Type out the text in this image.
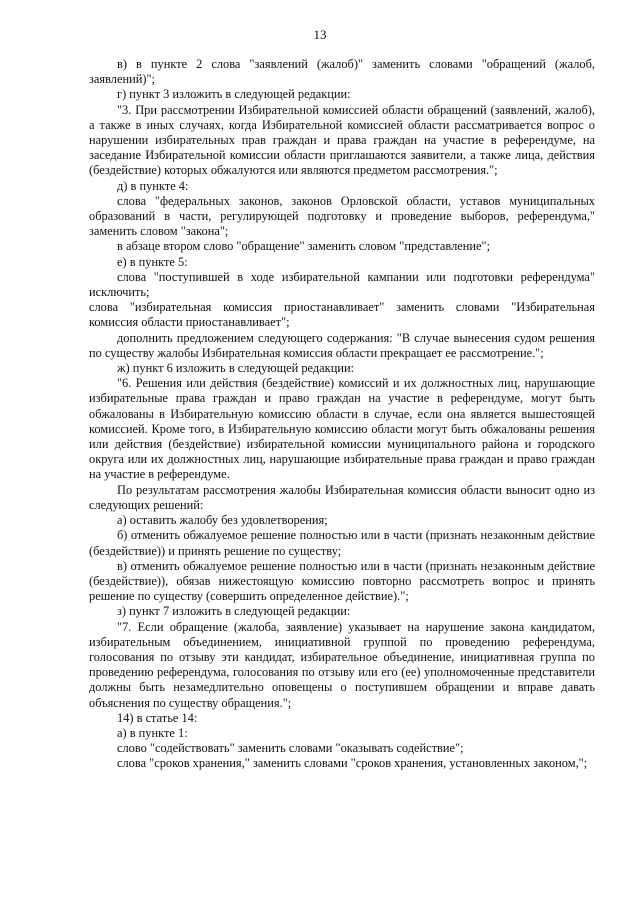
13

в) в пункте 2 слова "заявлений (жалоб)" заменить словами "обращений (жалоб, заявлений)";

г) пункт 3 изложить в следующей редакции:

"3. При рассмотрении Избирательной комиссией области обращений (заявлений, жалоб), а также в иных случаях, когда Избирательной комиссией области рассматривается вопрос о нарушении избирательных прав граждан и права граждан на участие в референдуме, на заседание Избирательной комиссии области приглашаются заявители, а также лица, действия (бездействие) которых обжалуются или являются предметом рассмотрения.";

д) в пункте 4:

слова "федеральных законов, законов Орловской области, уставов муниципальных образований в части, регулирующей подготовку и проведение выборов, референдума," заменить словом "закона";

в абзаце втором слово "обращение" заменить словом "представление";

е) в пункте 5:

слова "поступившей в ходе избирательной кампании или подготовки референдума" исключить;

слова "избирательная комиссия приостанавливает" заменить словами "Избирательная комиссия области приостанавливает";

дополнить предложением следующего содержания: "В случае вынесения судом решения по существу жалобы Избирательная комиссия области прекращает ее рассмотрение.";

ж) пункт 6 изложить в следующей редакции:

"6. Решения или действия (бездействие) комиссий и их должностных лиц, нарушающие избирательные права граждан и право граждан на участие в референдуме, могут быть обжалованы в Избирательную комиссию области в случае, если она является вышестоящей комиссией. Кроме того, в Избирательную комиссию области могут быть обжалованы решения или действия (бездействие) избирательной комиссии муниципального района и городского округа или их должностных лиц, нарушающие избирательные права граждан и право граждан на участие в референдуме.

По результатам рассмотрения жалобы Избирательная комиссия области выносит одно из следующих решений:

а) оставить жалобу без удовлетворения;

б) отменить обжалуемое решение полностью или в части (признать незаконным действие (бездействие)) и принять решение по существу;

в) отменить обжалуемое решение полностью или в части (признать незаконным действие (бездействие)), обязав нижестоящую комиссию повторно рассмотреть вопрос и принять решение по существу (совершить определенное действие).";

з) пункт 7 изложить в следующей редакции:

"7. Если обращение (жалоба, заявление) указывает на нарушение закона кандидатом, избирательным объединением, инициативной группой по проведению референдума, голосования по отзыву эти кандидат, избирательное объединение, инициативная группа по проведению референдума, голосования по отзыву или его (ее) уполномоченные представители должны быть незамедлительно оповещены о поступившем обращении и вправе давать объяснения по существу обращения.";

14) в статье 14:

а) в пункте 1:

слово "содействовать" заменить словами "оказывать содействие";

слова "сроков хранения," заменить словами "сроков хранения, установленных законом,";
